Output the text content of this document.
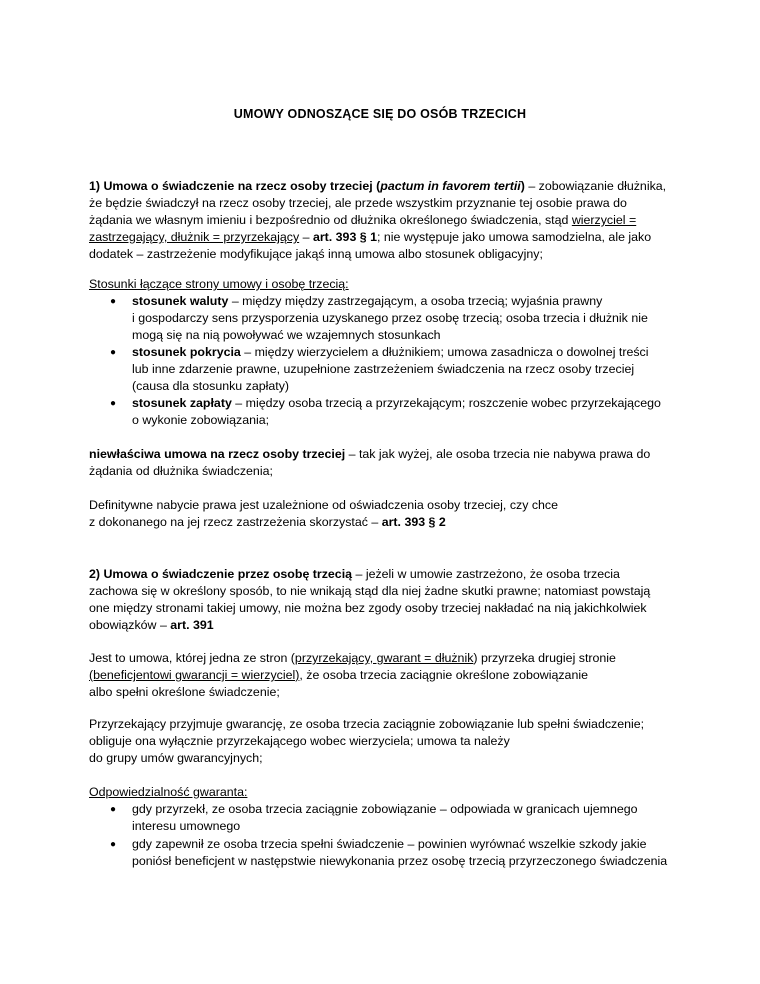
UMOWY ODNOSZĄCE SIĘ DO OSÓB TRZECICH
1) Umowa o świadczenie na rzecz osoby trzeciej (pactum in favorem tertii) – zobowiązanie dłużnika,
że będzie świadczył na rzecz osoby trzeciej, ale przede wszystkim przyznanie tej osobie prawa do
żądania we własnym imieniu i bezpośrednio od dłużnika określonego świadczenia, stąd wierzyciel =
zastrzegający, dłużnik = przyrzekający – art. 393 § 1; nie występuje jako umowa samodzielna, ale jako
dodatek – zastrzeżenie modyfikujące jakąś inną umowa albo stosunek obligacyjny;
Stosunki łączące strony umowy i osobę trzecią:
● stosunek waluty – między między zastrzegającym, a osoba trzecią; wyjaśnia prawny
i gospodarczy sens przysporzenia uzyskanego przez osobę trzecią; osoba trzecia i dłużnik nie
mogą się na nią powoływać we wzajemnych stosunkach
● stosunek pokrycia – między wierzycielem a dłużnikiem; umowa zasadnicza o dowolnej treści
lub inne zdarzenie prawne, uzupełnione zastrzeżeniem świadczenia na rzecz osoby trzeciej
(causa dla stosunku zapłaty)
● stosunek zapłaty – między osoba trzecią a przyrzekającym; roszczenie wobec przyrzekającego
o wykonie zobowiązania;
niewłaściwa umowa na rzecz osoby trzeciej – tak jak wyżej, ale osoba trzecia nie nabywa prawa do
żądania od dłużnika świadczenia;
Definitywne nabycie prawa jest uzależnione od oświadczenia osoby trzeciej, czy chce
z dokonanego na jej rzecz zastrzeżenia skorzystać – art. 393 § 2
2) Umowa o świadczenie przez osobę trzecią – jeżeli w umowie zastrzeżono, że osoba trzecia
zachowa się w określony sposób, to nie wnikają stąd dla niej żadne skutki prawne; natomiast powstają
one między stronami takiej umowy, nie można bez zgody osoby trzeciej nakładać na nią jakichkolwiek
obowiązków – art. 391
Jest to umowa, której jedna ze stron (przyrzekający, gwarant = dłużnik) przyrzeka drugiej stronie
(beneficjentowi gwarancji = wierzyciel), że osoba trzecia zaciągnie określone zobowiązanie
albo spełni określone świadczenie;
Przyrzekający przyjmuje gwarancję, ze osoba trzecia zaciągnie zobowiązanie lub spełni świadczenie;
obliguje ona wyłącznie przyrzekającego wobec wierzyciela; umowa ta należy
do grupy umów gwarancyjnych;
Odpowiedzialność gwaranta:
● gdy przyrzekł, ze osoba trzecia zaciągnie zobowiązanie – odpowiada w granicach ujemnego
interesu umownego
● gdy zapewnił ze osoba trzecia spełni świadczenie – powinien wyrównać wszelkie szkody jakie
poniósł beneficjent w następstwie niewykonania przez osobę trzecią przyrzeczonego świadczenia
